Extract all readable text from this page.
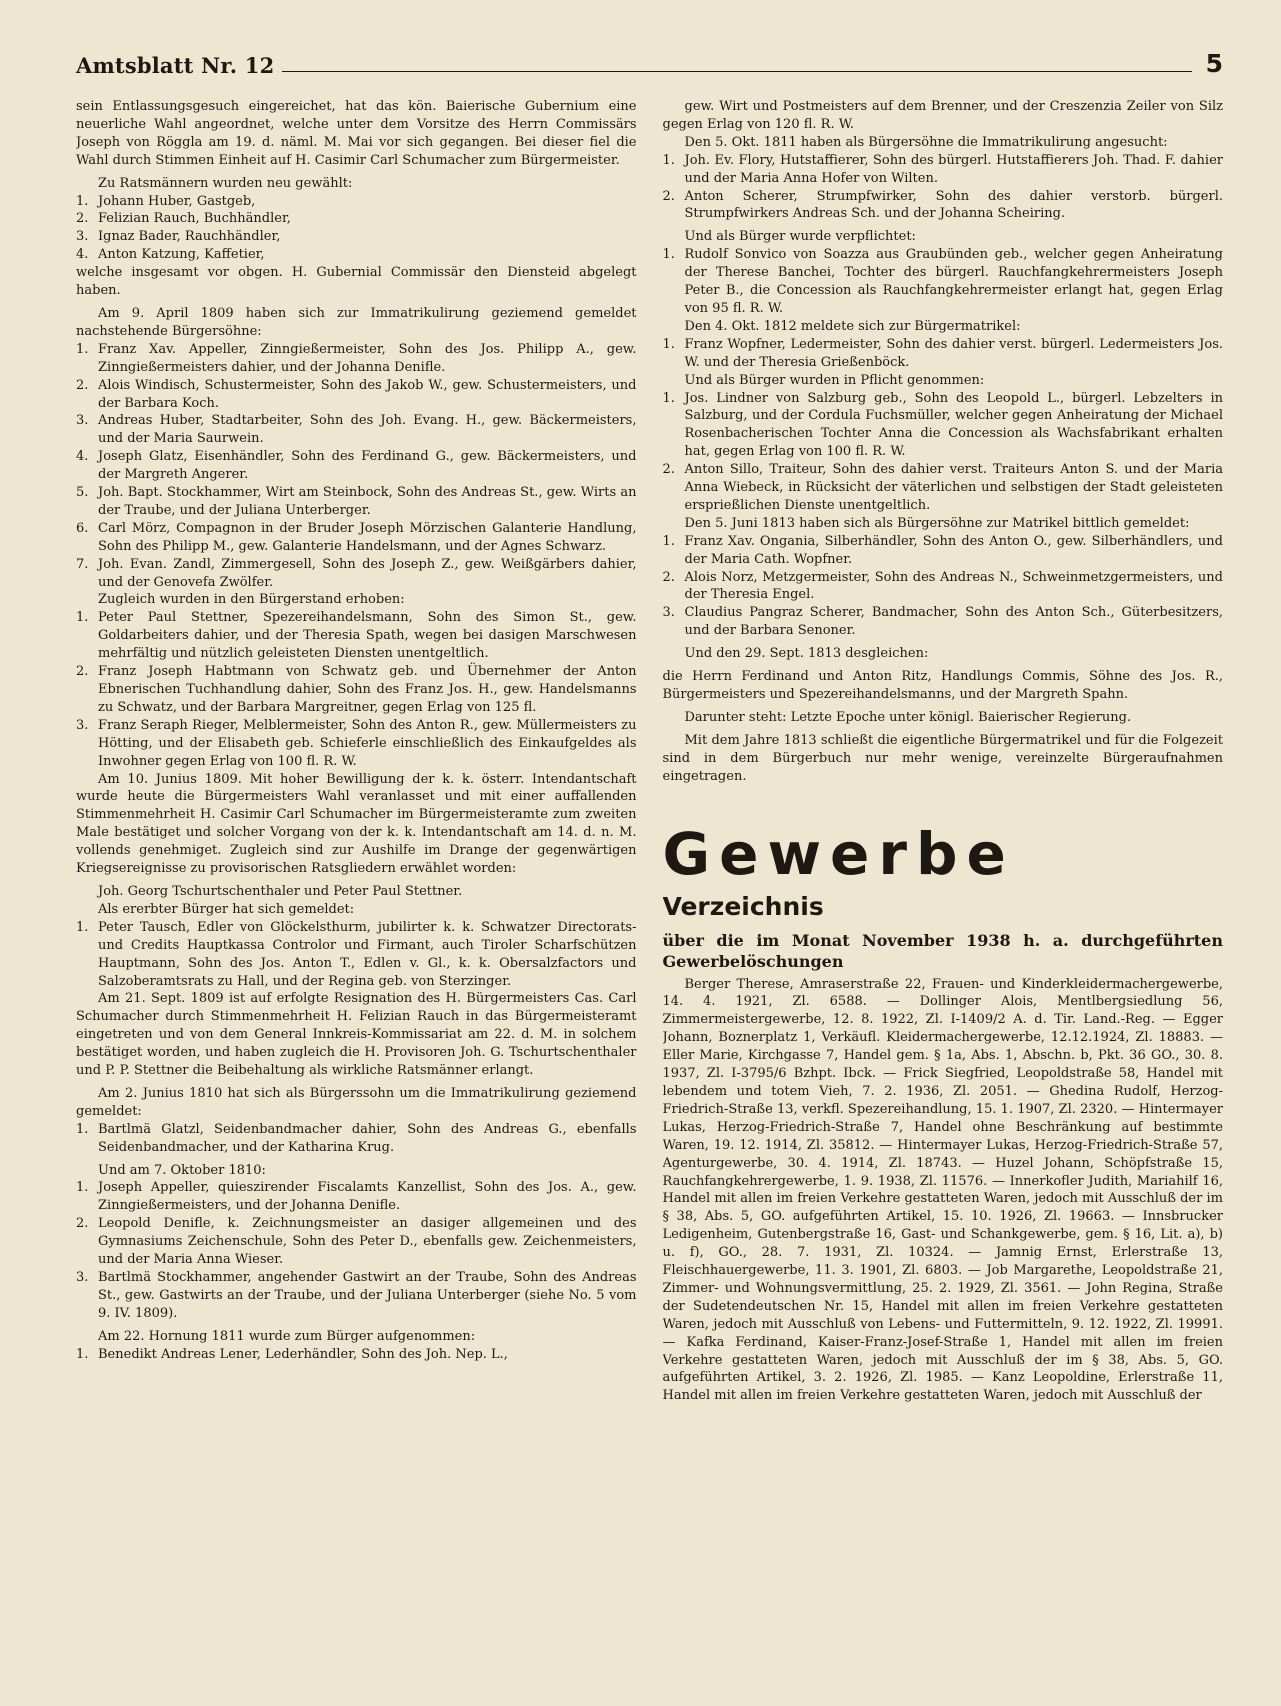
Amtsblatt Nr. 12	5

sein Entlassungsgesuch eingereichet, hat das kön. Baierische Gubernium eine neuerliche Wahl angeordnet, welche unter dem Vorsitze des Herrn Commissärs Joseph von Röggla am 19. d. näml. M. Mai vor sich gegangen. Bei dieser fiel die Wahl durch Stimmen Einheit auf H. Casimir Carl Schumacher zum Bürgermeister.

Zu Ratsmännern wurden neu gewählt:

1. Johann Huber, Gastgeb,
2. Felizian Rauch, Buchhändler,
3. Ignaz Bader, Rauchhändler,
4. Anton Katzung, Kaffetier,

welche insgesamt vor obgen. H. Gubernial Commissär den Diensteid abgelegt haben.

Am 9. April 1809 haben sich zur Immatrikulirung geziemend gemeldet nachstehende Bürgersöhne:

1. Franz Xav. Appeller, Zinngießermeister, Sohn des Jos. Philipp A., gew. Zinngießermeisters dahier, und der Johanna Denifle.
2. Alois Windisch, Schustermeister, Sohn des Jakob W., gew. Schustermeisters, und der Barbara Koch.
3. Andreas Huber, Stadtarbeiter, Sohn des Joh. Evang. H., gew. Bäckermeisters, und der Maria Saurwein.
4. Joseph Glatz, Eisenhändler, Sohn des Ferdinand G., gew. Bäckermeisters, und der Margreth Angerer.
5. Joh. Bapt. Stockhammer, Wirt am Steinbock, Sohn des Andreas St., gew. Wirts an der Traube, und der Juliana Unterberger.
6. Carl Mörz, Compagnon in der Bruder Joseph Mörzischen Galanterie Handlung, Sohn des Philipp M., gew. Galanterie Handelsmann, und der Agnes Schwarz.
7. Joh. Evan. Zandl, Zimmergesell, Sohn des Joseph Z., gew. Weißgärbers dahier, und der Genovefa Zwölfer.

Zugleich wurden in den Bürgerstand erhoben:

1. Peter Paul Stettner, Spezereihandelsmann, Sohn des Simon St., gew. Goldarbeiters dahier, und der Theresia Spath, wegen bei dasigen Marschwesen mehrfältig und nützlich geleisteten Diensten unentgeltlich.
2. Franz Joseph Habtmann von Schwatz geb. und Übernehmer der Anton Ebnerischen Tuchhandlung dahier, Sohn des Franz Jos. H., gew. Handelsmanns zu Schwatz, und der Barbara Margreitner, gegen Erlag von 125 fl.
3. Franz Seraph Rieger, Melblermeister, Sohn des Anton R., gew. Müllermeisters zu Hötting, und der Elisabeth geb. Schieferle einschließlich des Einkaufgeldes als Inwohner gegen Erlag von 100 fl. R. W.

Am 10. Junius 1809. Mit hoher Bewilligung der k. k. österr. Intendantschaft wurde heute die Bürgermeisters Wahl veranlasset und mit einer auffallenden Stimmenmehrheit H. Casimir Carl Schumacher im Bürgermeisteramte zum zweiten Male bestätiget und solcher Vorgang von der k. k. Intendantschaft am 14. d. n. M. vollends genehmiget. Zugleich sind zur Aushilfe im Drange der gegenwärtigen Kriegsereignisse zu provisorischen Ratsgliedern erwählet worden:

Joh. Georg Tschurtschenthaler und Peter Paul Stettner.

Als ererbter Bürger hat sich gemeldet:

1. Peter Tausch, Edler von Glöckelsthurm, jubilirter k. k. Schwatzer Directorats- und Credits Hauptkassa Controlor und Firmant, auch Tiroler Scharfschützen Hauptmann, Sohn des Jos. Anton T., Edlen v. Gl., k. k. Obersalzfactors und Salzoberamtsrats zu Hall, und der Regina geb. von Sterzinger.

Am 21. Sept. 1809 ist auf erfolgte Resignation des H. Bürgermeisters Cas. Carl Schumacher durch Stimmenmehrheit H. Felizian Rauch in das Bürgermeisteramt eingetreten und von dem General Innkreis-Kommissariat am 22. d. M. in solchem bestätiget worden, und haben zugleich die H. Provisoren Joh. G. Tschurtschenthaler und P. P. Stettner die Beibehaltung als wirkliche Ratsmänner erlangt.

Am 2. Junius 1810 hat sich als Bürgerssohn um die Immatrikulirung geziemend gemeldet:

1. Bartlmä Glatzl, Seidenbandmacher dahier, Sohn des Andreas G., ebenfalls Seidenbandmacher, und der Katharina Krug.

Und am 7. Oktober 1810:

1. Joseph Appeller, quieszirender Fiscalamts Kanzellist, Sohn des Jos. A., gew. Zinngießermeisters, und der Johanna Denifle.
2. Leopold Denifle, k. Zeichnungsmeister an dasiger allgemeinen und des Gymnasiums Zeichenschule, Sohn des Peter D., ebenfalls gew. Zeichenmeisters, und der Maria Anna Wieser.
3. Bartlmä Stockhammer, angehender Gastwirt an der Traube, Sohn des Andreas St., gew. Gastwirts an der Traube, und der Juliana Unterberger (siehe No. 5 vom 9. IV. 1809).

Am 22. Hornung 1811 wurde zum Bürger aufgenommen:

1. Benedikt Andreas Lener, Lederhändler, Sohn des Joh. Nep. L.,

gew. Wirt und Postmeisters auf dem Brenner, und der Creszenzia Zeiler von Silz gegen Erlag von 120 fl. R. W.

Den 5. Okt. 1811 haben als Bürgersöhne die Immatrikulirung angesucht:

1. Joh. Ev. Flory, Hutstaffierer, Sohn des bürgerl. Hutstaffierers Joh. Thad. F. dahier und der Maria Anna Hofer von Wilten.
2. Anton Scherer, Strumpfwirker, Sohn des dahier verstorb. bürgerl. Strumpfwirkers Andreas Sch. und der Johanna Scheiring.

Und als Bürger wurde verpflichtet:

1. Rudolf Sonvico von Soazza aus Graubünden geb., welcher gegen Anheiratung der Therese Banchei, Tochter des bürgerl. Rauchfangkehrermeisters Joseph Peter B., die Concession als Rauchfangkehrermeister erlangt hat, gegen Erlag von 95 fl. R. W.

Den 4. Okt. 1812 meldete sich zur Bürgermatrikel:

1. Franz Wopfner, Ledermeister, Sohn des dahier verst. bürgerl. Ledermeisters Jos. W. und der Theresia Grießenböck.

Und als Bürger wurden in Pflicht genommen:

1. Jos. Lindner von Salzburg geb., Sohn des Leopold L., bürgerl. Lebzelters in Salzburg, und der Cordula Fuchsmüller, welcher gegen Anheiratung der Michael Rosenbacherischen Tochter Anna die Concession als Wachsfabrikant erhalten hat, gegen Erlag von 100 fl. R. W.
2. Anton Sillo, Traiteur, Sohn des dahier verst. Traiteurs Anton S. und der Maria Anna Wiebeck, in Rücksicht der väterlichen und selbstigen der Stadt geleisteten ersprießlichen Dienste unentgeltlich.

Den 5. Juni 1813 haben sich als Bürgersöhne zur Matrikel bittlich gemeldet:

1. Franz Xav. Ongania, Silberhändler, Sohn des Anton O., gew. Silberhändlers, und der Maria Cath. Wopfner.
2. Alois Norz, Metzgermeister, Sohn des Andreas N., Schweinmetzgermeisters, und der Theresia Engel.
3. Claudius Pangraz Scherer, Bandmacher, Sohn des Anton Sch., Güterbesitzers, und der Barbara Senoner.

Und den 29. Sept. 1813 desgleichen:

die Herrn Ferdinand und Anton Ritz, Handlungs Commis, Söhne des Jos. R., Bürgermeisters und Spezereihandelsmanns, und der Margreth Spahn.

Darunter steht: Letzte Epoche unter königl. Baierischer Regierung.

Mit dem Jahre 1813 schließt die eigentliche Bürgermatrikel und für die Folgezeit sind in dem Bürgerbuch nur mehr wenige, vereinzelte Bürgeraufnahmen eingetragen.

Gewerbe
Verzeichnis
über die im Monat November 1938 h. a. durchgeführten Gewerbelöschungen
Berger Therese, Amraserstraße 22, Frauen- und Kinderkleidermachergewerbe, 14. 4. 1921, Zl. 6588. — Dollinger Alois, Mentlbergsiedlung 56, Zimmermeistergewerbe, 12. 8. 1922, Zl. I-1409/2 A. d. Tir. Land.-Reg. — Egger Johann, Boznerplatz 1, Verkäufl. Kleidermachergewerbe, 12.12.1924, Zl. 18883. — Eller Marie, Kirchgasse 7, Handel gem. § 1a, Abs. 1, Abschn. b, Pkt. 36 GO., 30. 8. 1937, Zl. I-3795/6 Bzhpt. Ibck. — Frick Siegfried, Leopoldstraße 58, Handel mit lebendem und totem Vieh, 7. 2. 1936, Zl. 2051. — Ghedina Rudolf, Herzog-Friedrich-Straße 13, verkfl. Spezereihandlung, 15. 1. 1907, Zl. 2320. — Hintermayer Lukas, Herzog-Friedrich-Straße 7, Handel ohne Beschränkung auf bestimmte Waren, 19. 12. 1914, Zl. 35812. — Hintermayer Lukas, Herzog-Friedrich-Straße 57, Agenturgewerbe, 30. 4. 1914, Zl. 18743. — Huzel Johann, Schöpfstraße 15, Rauchfangkehrergewerbe, 1. 9. 1938, Zl. 11576. — Innerkofler Judith, Mariahilf 16, Handel mit allen im freien Verkehre gestatteten Waren, jedoch mit Ausschluß der im § 38, Abs. 5, GO. aufgeführten Artikel, 15. 10. 1926, Zl. 19663. — Innsbrucker Ledigenheim, Gutenbergstraße 16, Gast- und Schankgewerbe, gem. § 16, Lit. a), b) u. f), GO., 28. 7. 1931, Zl. 10324. — Jamnig Ernst, Erlerstraße 13, Fleischhauergewerbe, 11. 3. 1901, Zl. 6803. — Job Margarethe, Leopoldstraße 21, Zimmer- und Wohnungsvermittlung, 25. 2. 1929, Zl. 3561. — John Regina, Straße der Sudetendeutschen Nr. 15, Handel mit allen im freien Verkehre gestatteten Waren, jedoch mit Ausschluß von Lebens- und Futtermitteln, 9. 12. 1922, Zl. 19991. — Kafka Ferdinand, Kaiser-Franz-Josef-Straße 1, Handel mit allen im freien Verkehre gestatteten Waren, jedoch mit Ausschluß der im § 38, Abs. 5, GO. aufgeführten Artikel, 3. 2. 1926, Zl. 1985. — Kanz Leopoldine, Erlerstraße 11, Handel mit allen im freien Verkehre gestatteten Waren, jedoch mit Ausschluß der
